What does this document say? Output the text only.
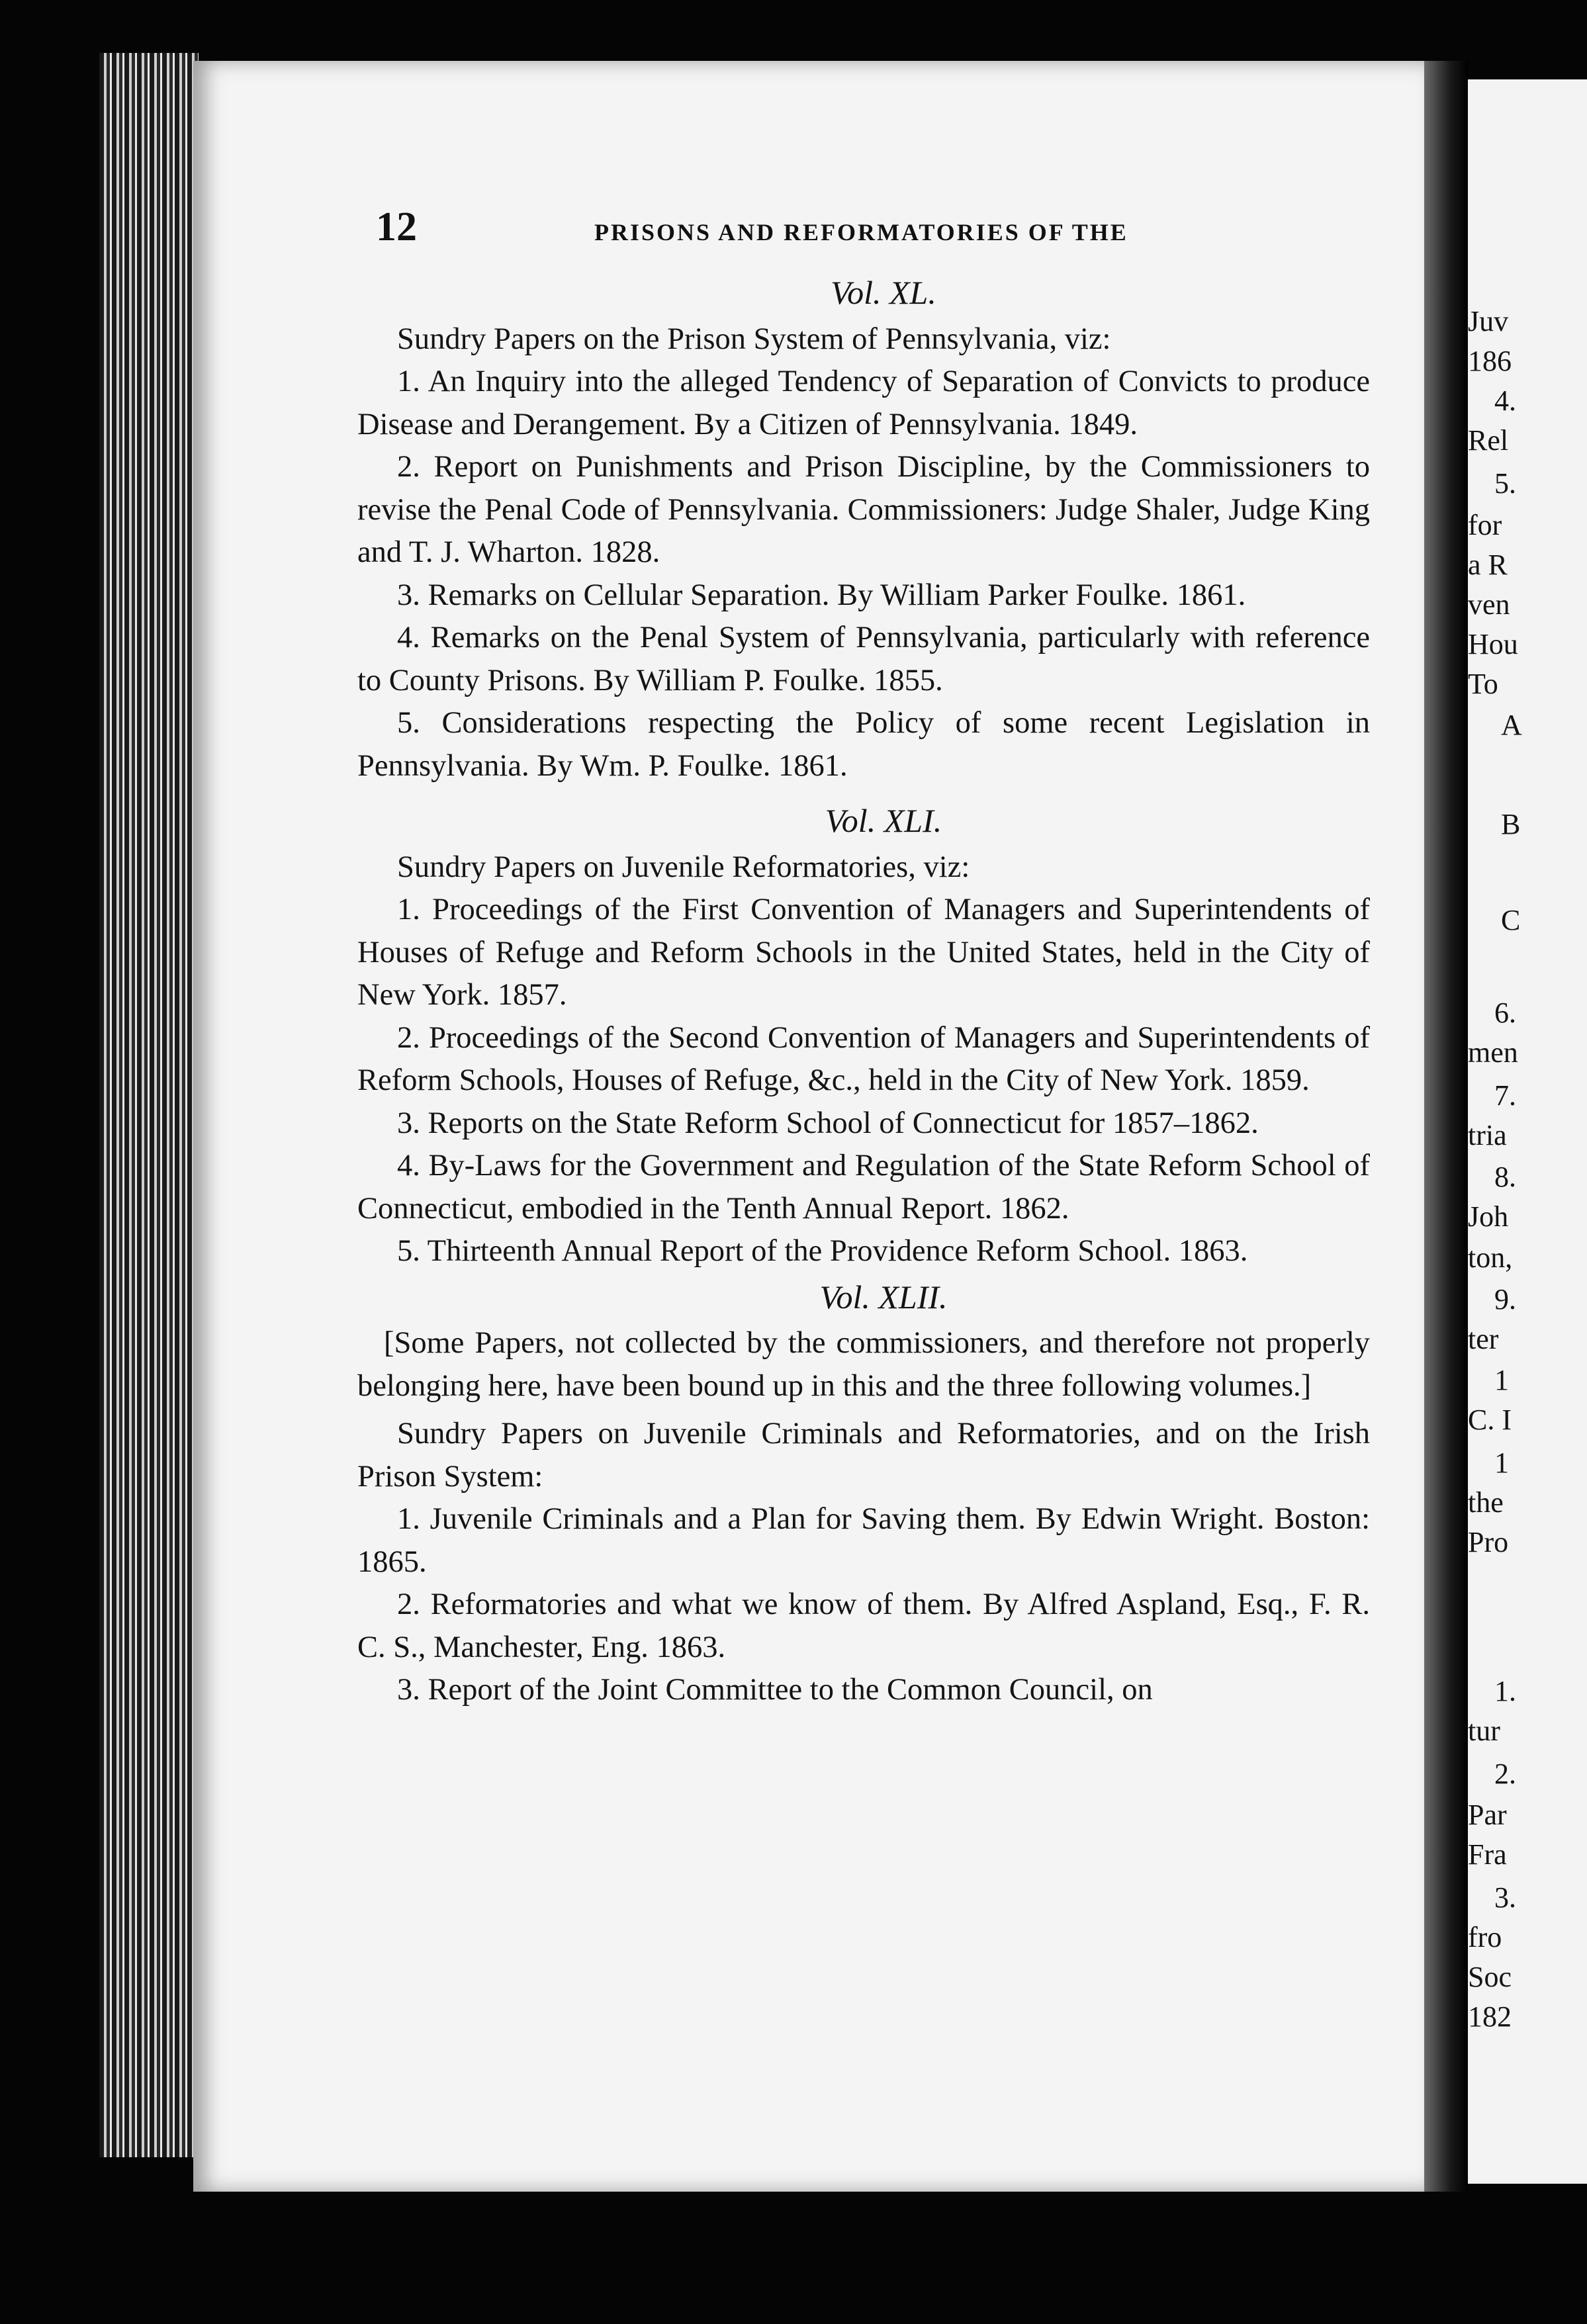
Juv
186
4.
Rel
5.
for
a R
ven
Hou
To
A
B
C
6.
men
7.
tria
8.
Joh
ton,
9.
ter
1
C. I
1
the
Pro
1.
tur
2.
Par
Fra
3.
fro
Soc
182
12	PRISONS AND REFORMATORIES OF THE
Vol. XL.

Sundry Papers on the Prison System of Pennsylvania, viz:

1. An Inquiry into the alleged Tendency of Separation of Convicts to produce Disease and Derangement. By a Citizen of Pennsylvania. 1849.

2. Report on Punishments and Prison Discipline, by the Commissioners to revise the Penal Code of Pennsylvania. Commissioners: Judge Shaler, Judge King and T. J. Wharton. 1828.

3. Remarks on Cellular Separation. By William Parker Foulke. 1861.

4. Remarks on the Penal System of Pennsylvania, particularly with reference to County Prisons. By William P. Foulke. 1855.

5. Considerations respecting the Policy of some recent Legislation in Pennsylvania. By Wm. P. Foulke. 1861.

Vol. XLI.

Sundry Papers on Juvenile Reformatories, viz:

1. Proceedings of the First Convention of Managers and Superintendents of Houses of Refuge and Reform Schools in the United States, held in the City of New York. 1857.

2. Proceedings of the Second Convention of Managers and Superintendents of Reform Schools, Houses of Refuge, &c., held in the City of New York. 1859.

3. Reports on the State Reform School of Connecticut for 1857–1862.

4. By-Laws for the Government and Regulation of the State Reform School of Connecticut, embodied in the Tenth Annual Report. 1862.

5. Thirteenth Annual Report of the Providence Reform School. 1863.

Vol. XLII.

[Some Papers, not collected by the commissioners, and therefore not properly belonging here, have been bound up in this and the three following volumes.]

Sundry Papers on Juvenile Criminals and Reformatories, and on the Irish Prison System:

1. Juvenile Criminals and a Plan for Saving them. By Edwin Wright. Boston: 1865.

2. Reformatories and what we know of them. By Alfred Aspland, Esq., F. R. C. S., Manchester, Eng. 1863.

3. Report of the Joint Committee to the Common Council, on
